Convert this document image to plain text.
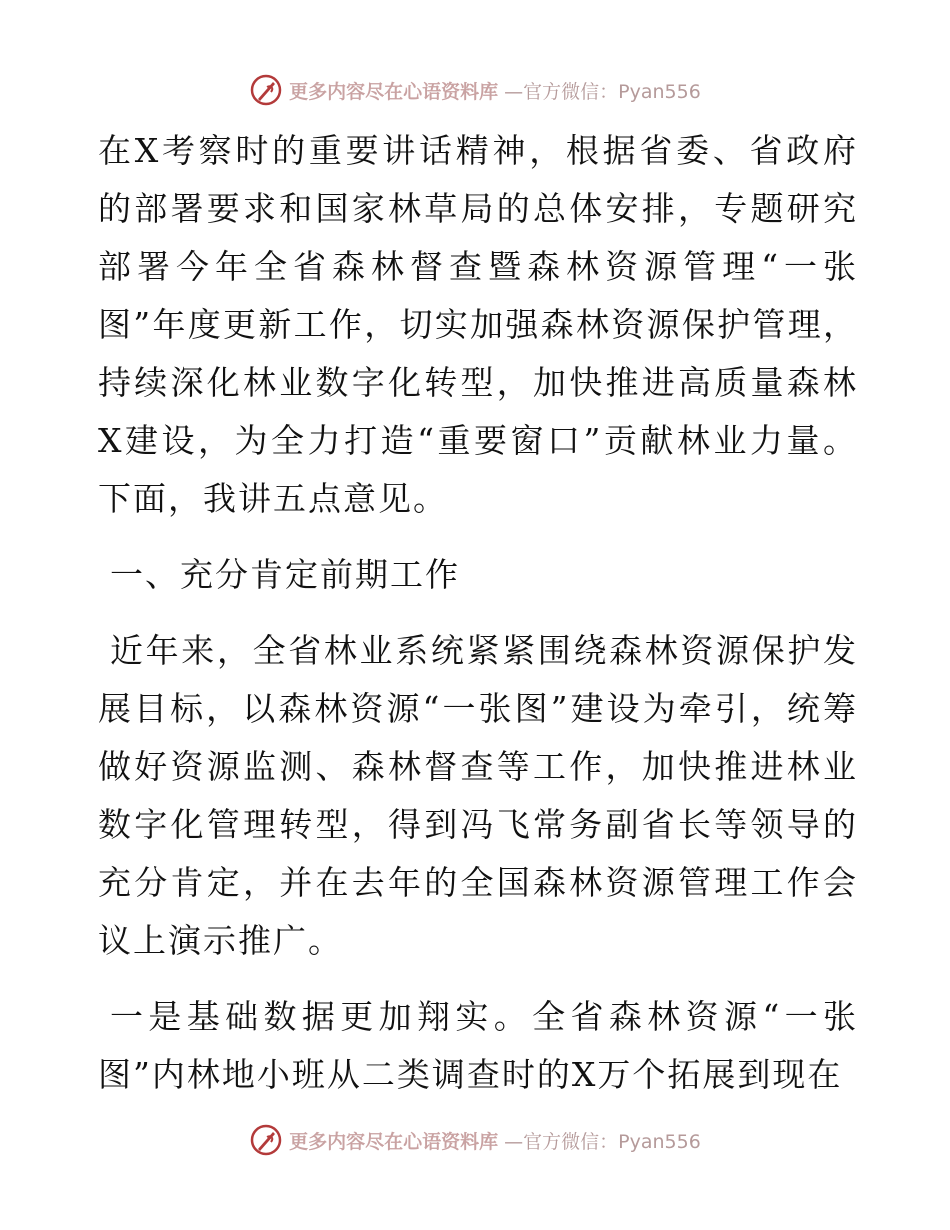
更多内容尽在心语资料库 —官方微信：Pyan556

在X考察时的重要讲话精神，根据省委、省政府的部署要求和国家林草局的总体安排，专题研究部署今年全省森林督查暨森林资源管理“一张图”年度更新工作，切实加强森林资源保护管理，持续深化林业数字化转型，加快推进高质量森林X建设，为全力打造“重要窗口”贡献林业力量。下面，我讲五点意见。

一、充分肯定前期工作

近年来，全省林业系统紧紧围绕森林资源保护发展目标，以森林资源“一张图”建设为牵引，统筹做好资源监测、森林督查等工作，加快推进林业数字化管理转型，得到冯飞常务副省长等领导的充分肯定，并在去年的全国森林资源管理工作会议上演示推广。

一是基础数据更加翔实。全省森林资源“一张图”内林地小班从二类调查时的X万个拓展到现在

更多内容尽在心语资料库 —官方微信：Pyan556
